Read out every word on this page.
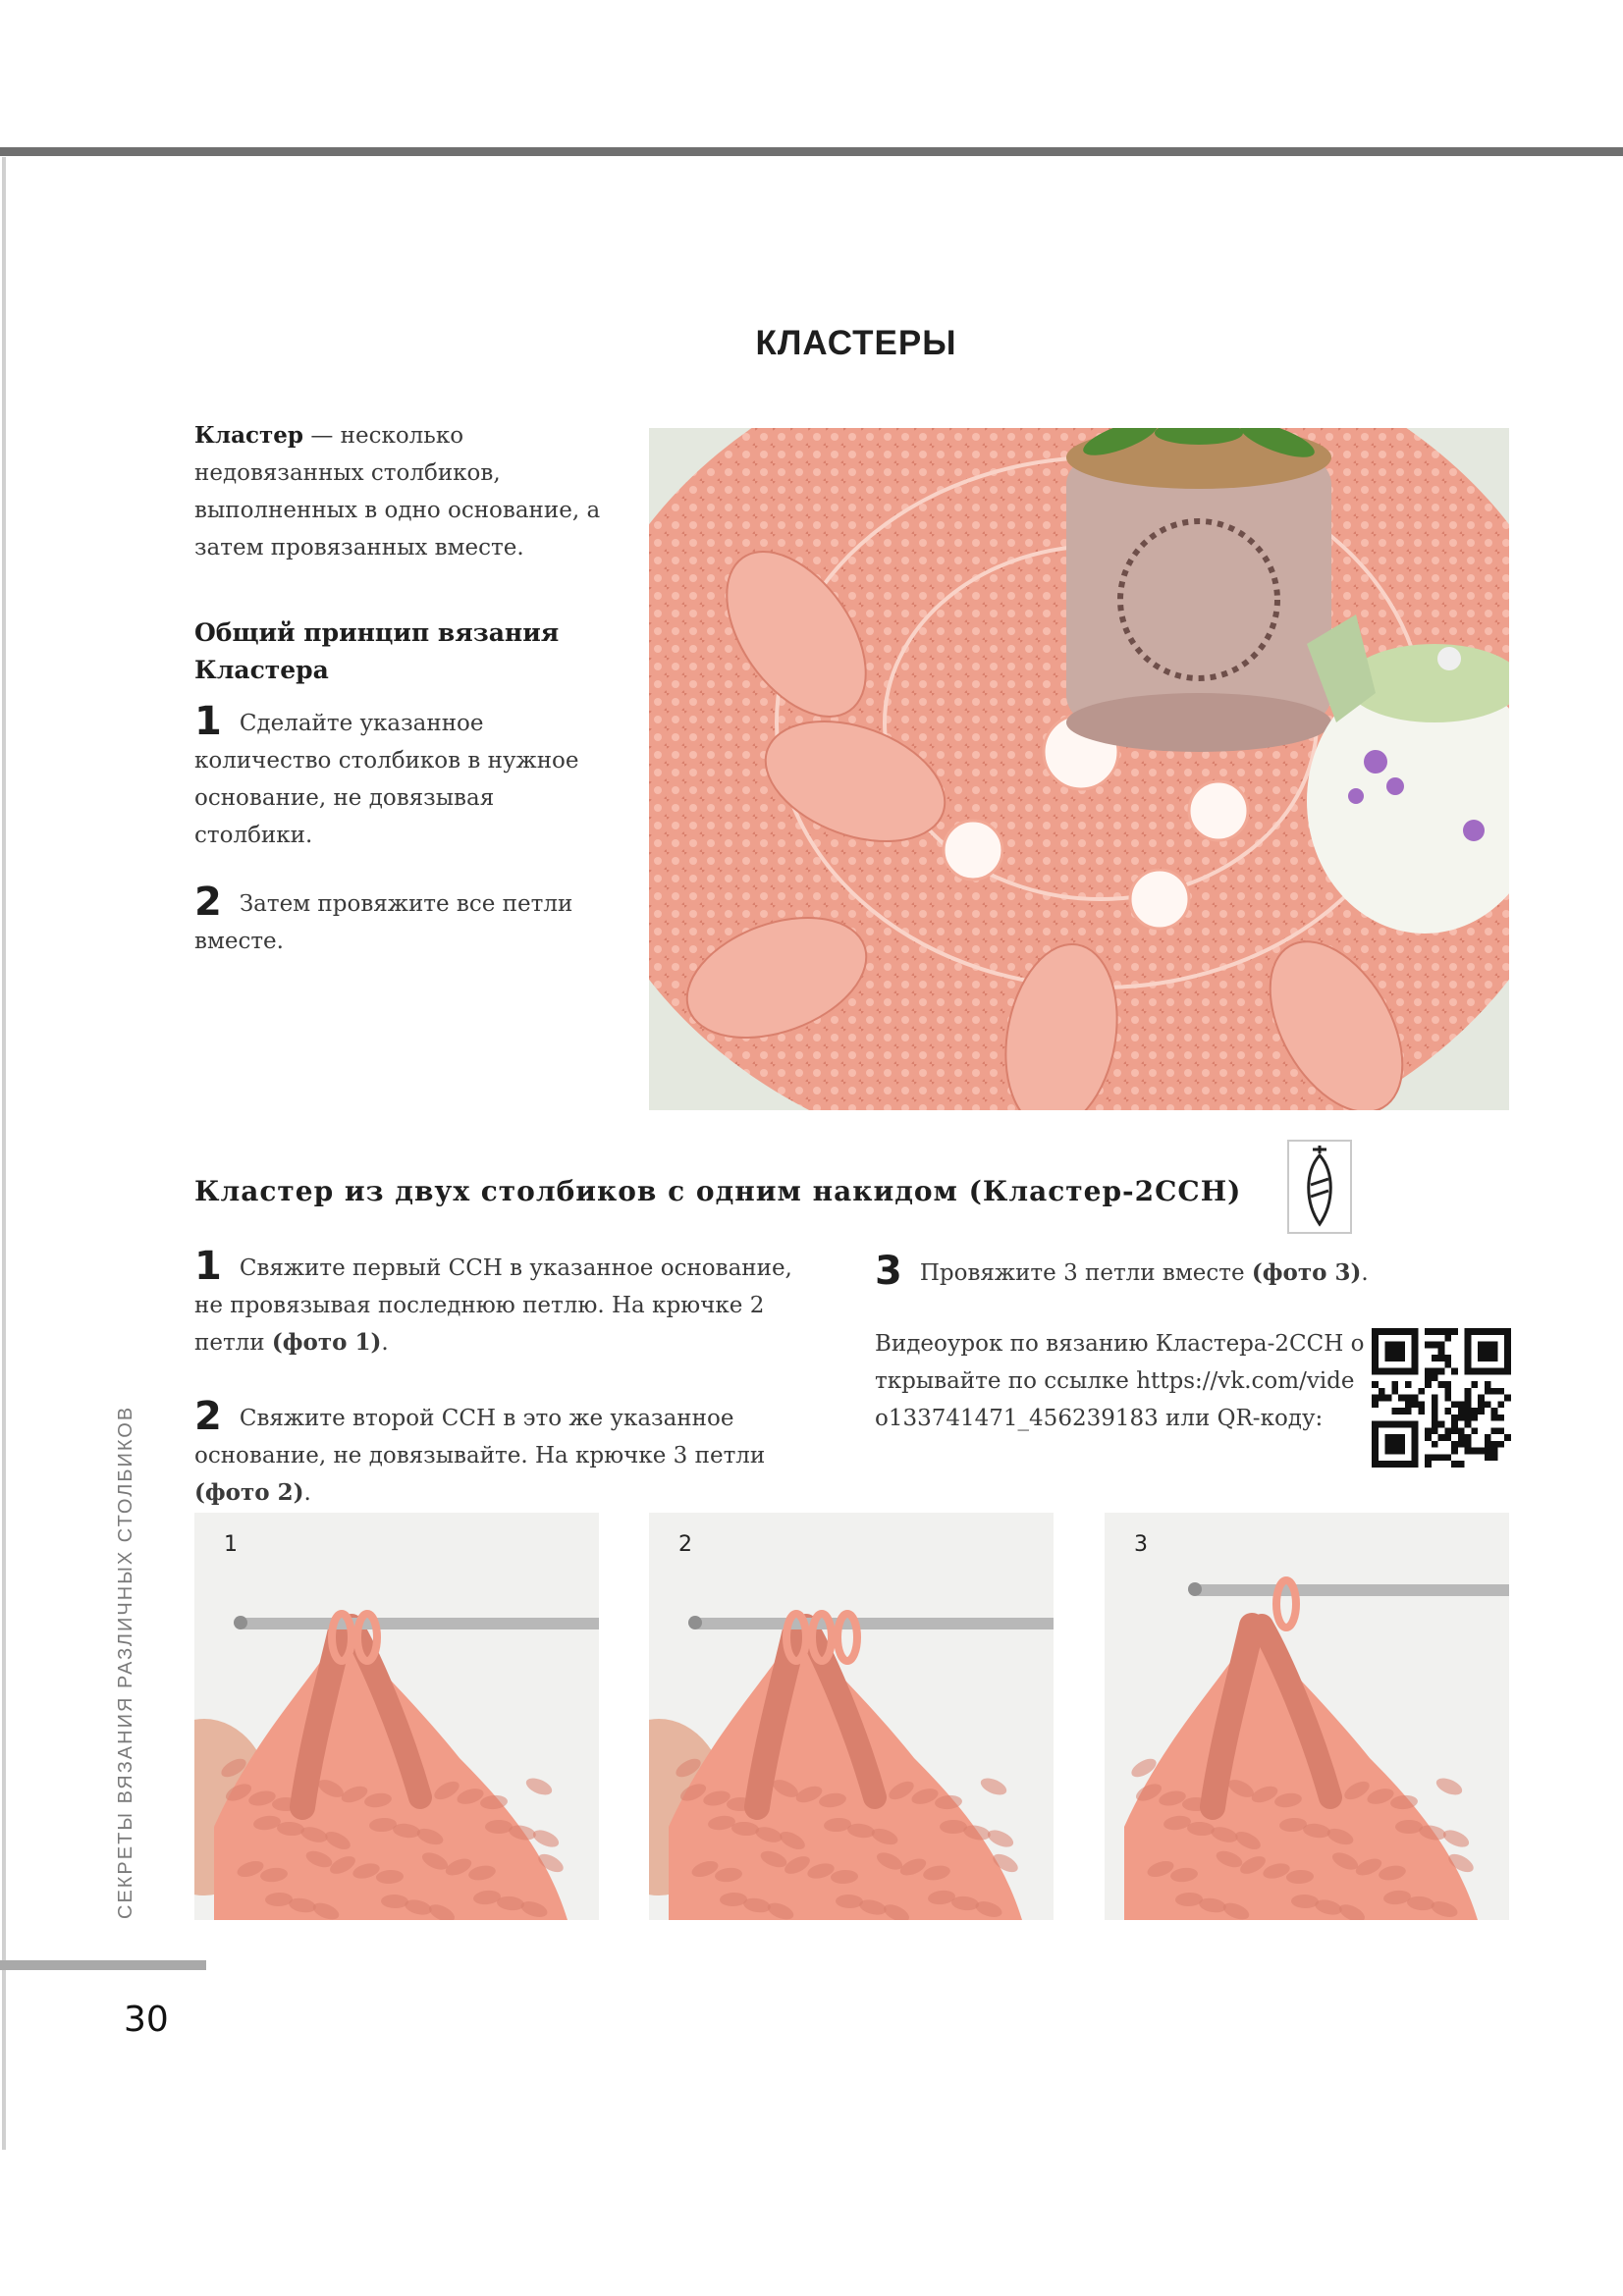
КЛАСТЕРЫ
Кластер — несколько недовязанных столбиков, выполненных в одно основание, а затем провязанных вместе.
Общий принцип вязания Кластера
1 Сделайте указанное количество столбиков в нужное основание, не довязывая столбики.
2 Затем провяжите все петли вместе.
Кластер из двух столбиков с одним накидом (Кластер-2ССН)
1 Свяжите первый ССН в указанное основание, не провязывая последнюю петлю. На крючке 2 петли (фото 1).
2 Свяжите второй ССН в это же указанное основание, не довязывайте. На крючке 3 петли (фото 2).
3 Провяжите 3 петли вместе (фото 3).
Видеоурок по вязанию Кластера-2ССН открывайте по ссылке https://vk.com/video133741471_456239183 или QR-коду:
1	2	3
СЕКРЕТЫ ВЯЗАНИЯ РАЗЛИЧНЫХ СТОЛБИКОВ
30
